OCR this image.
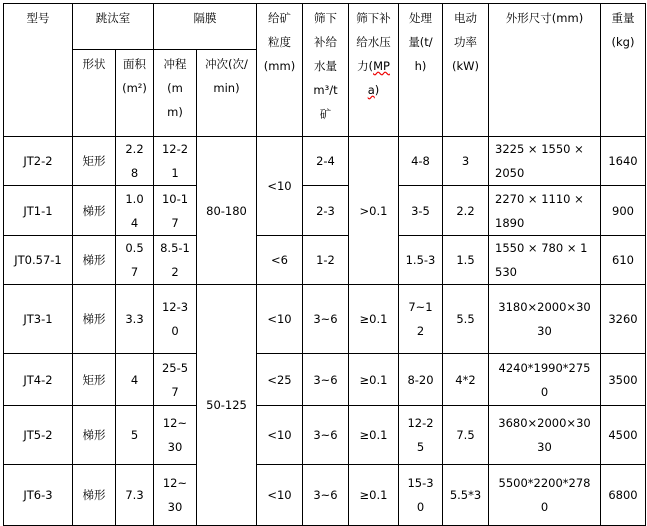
型号	跳汰室		隔膜		给矿粒度(mm)	筛下补给水量m³/t矿	筛下补给水压力(MPa)	处理量(t/h)	电动功率(kW)	外形尺寸(mm)	重量(kg)
	形状	面积(m²)	冲程(mm)	冲次(次/min)							
JT2-2	矩形	2.28	12-21	80-180	<10	2-4	>0.1	4-8	3	3225 × 1550 × 2050	1640
JT1-1	梯形	1.04	10-17			2-3		3-5	2.2	2270 × 1110 × 1890	900
JT0.57-1	梯形	0.57	8.5-12		<6	1-2		1.5-3	1.5	1550 × 780 × 1530	610
JT3-1	梯形	3.3	12-30	50-125	<10	3~6	≥0.1	7~12	5.5	3180×2000×3030	3260
JT4-2	矩形	4	25-57		<25	3~6	≥0.1	8-20	4*2	4240*1990*2750	3500
JT5-2	梯形	5	12~30		<10	3~6	≥0.1	12-25	7.5	3680×2000×3030	4500
JT6-3	梯形	7.3	12~30		<10	3~6	≥0.1	15-30	5.5*3	5500*2200*2780	6800
